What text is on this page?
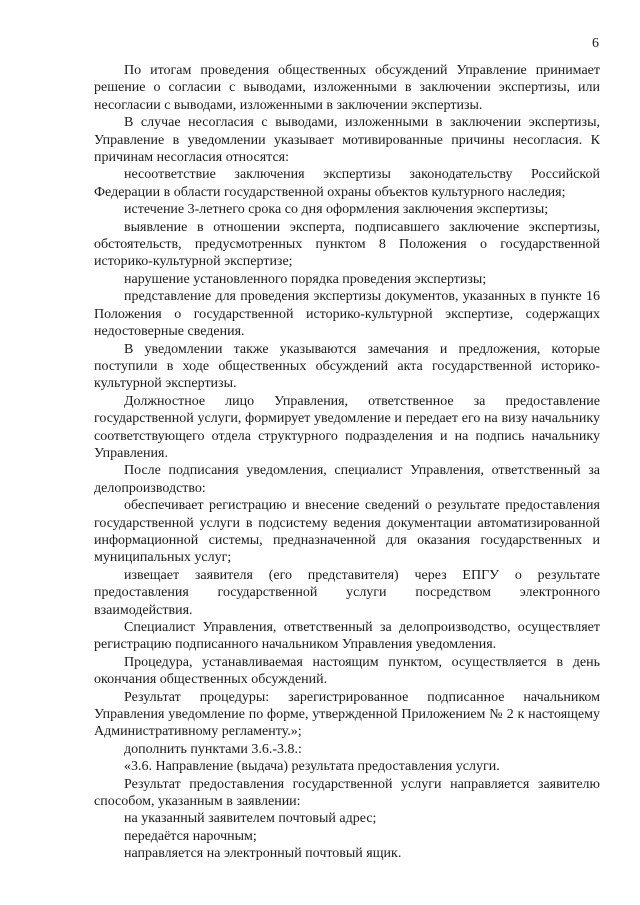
6

По итогам проведения общественных обсуждений Управление принимает решение о согласии с выводами, изложенными в заключении экспертизы, или несогласии с выводами, изложенными в заключении экспертизы.

В случае несогласия с выводами, изложенными в заключении экспертизы, Управление в уведомлении указывает мотивированные причины несогласия. К причинам несогласия относятся:

несоответствие заключения экспертизы законодательству Российской Федерации в области государственной охраны объектов культурного наследия;

истечение 3-летнего срока со дня оформления заключения экспертизы;

выявление в отношении эксперта, подписавшего заключение экспертизы, обстоятельств, предусмотренных пунктом 8 Положения о государственной историко-культурной экспертизе;

нарушение установленного порядка проведения экспертизы;

представление для проведения экспертизы документов, указанных в пункте 16 Положения о государственной историко-культурной экспертизе, содержащих недостоверные сведения.

В уведомлении также указываются замечания и предложения, которые поступили в ходе общественных обсуждений акта государственной историко-культурной экспертизы.

Должностное лицо Управления, ответственное за предоставление государственной услуги, формирует уведомление и передает его на визу начальнику соответствующего отдела структурного подразделения и на подпись начальнику Управления.

После подписания уведомления, специалист Управления, ответственный за делопроизводство:

обеспечивает регистрацию и внесение сведений о результате предоставления государственной услуги в подсистему ведения документации автоматизированной информационной системы, предназначенной для оказания государственных и муниципальных услуг;

извещает заявителя (его представителя) через ЕПГУ о результате предоставления государственной услуги посредством электронного взаимодействия.

Специалист Управления, ответственный за делопроизводство, осуществляет регистрацию подписанного начальником Управления уведомления.

Процедура, устанавливаемая настоящим пунктом, осуществляется в день окончания общественных обсуждений.

Результат процедуры: зарегистрированное подписанное начальником Управления уведомление по форме, утвержденной Приложением № 2 к настоящему Административному регламенту.»;

дополнить пунктами 3.6.-3.8.:

«3.6. Направление (выдача) результата предоставления услуги.

Результат предоставления государственной услуги направляется заявителю способом, указанным в заявлении:

на указанный заявителем почтовый адрес;

передаётся нарочным;

направляется на электронный почтовый ящик.
